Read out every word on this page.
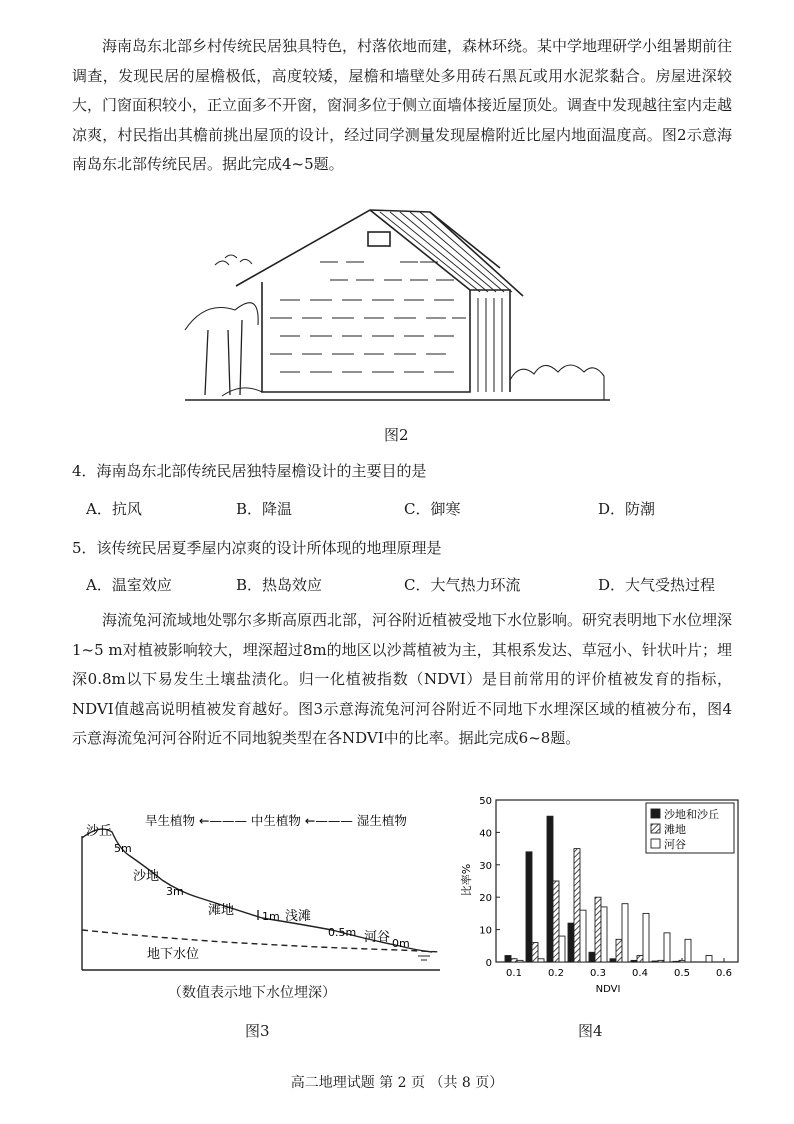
海南岛东北部乡村传统民居独具特色，村落依地而建，森林环绕。某中学地理研学小组暑期前往调查，发现民居的屋檐极低，高度较矮，屋檐和墙壁处多用砖石黑瓦或用水泥浆黏合。房屋进深较大，门窗面积较小，正立面多不开窗，窗洞多位于侧立面墙体接近屋顶处。调查中发现越往室内走越凉爽，村民指出其檐前挑出屋顶的设计，经过同学测量发现屋檐附近比屋内地面温度高。图2示意海南岛东北部传统民居。据此完成4~5题。
图2
4．海南岛东北部传统民居独特屋檐设计的主要目的是
A．抗风	B．降温	C．御寒	D．防潮
5．该传统民居夏季屋内凉爽的设计所体现的地理原理是
A．温室效应	B．热岛效应	C．大气热力环流	D．大气受热过程
海流兔河流域地处鄂尔多斯高原西北部，河谷附近植被受地下水位影响。研究表明地下水位埋深1~5 m对植被影响较大，埋深超过8m的地区以沙蒿植被为主，其根系发达、草冠小、针状叶片；埋深0.8m以下易发生土壤盐渍化。归一化植被指数（NDVI）是目前常用的评价植被发育的指标，NDVI值越高说明植被发育越好。图3示意海流兔河河谷附近不同地下水埋深区域的植被分布，图4示意海流兔河河谷附近不同地貌类型在各NDVI中的比率。据此完成6~8题。
旱生植物 ←——— 中生植物 ←——— 湿生植物
沙丘
5m
沙地
3m
滩地	1m 浅滩
0.5m 河谷 0m
地下水位
（数值表示地下水位埋深）
图3
0
10
20
30
40
50
0.1	0.2	0.3	0.4	0.5	0.6
NDVI
比率%
沙地和沙丘
滩地
河谷
图4
高二地理试题 第 2 页 （共 8 页）
